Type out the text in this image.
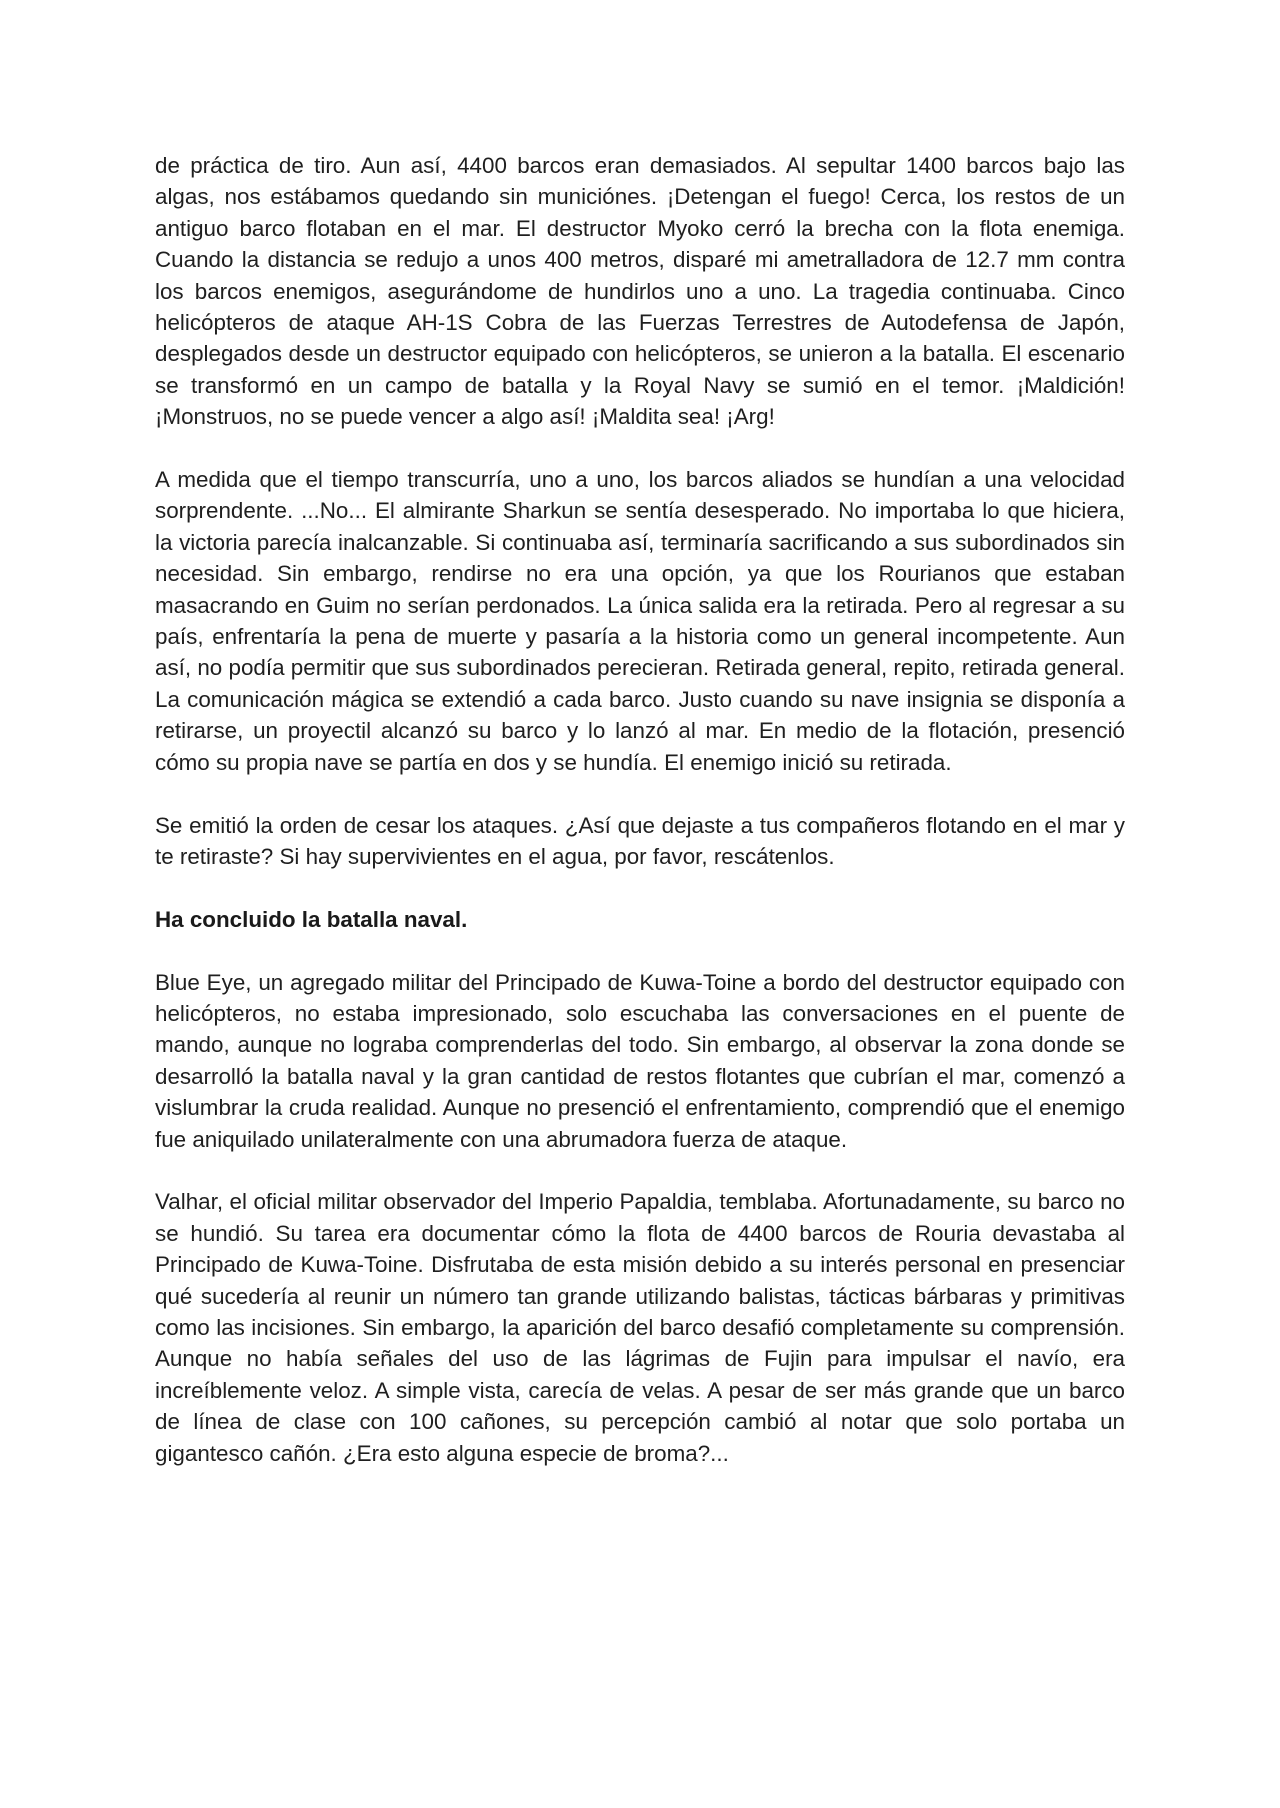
de práctica de tiro. Aun así, 4400 barcos eran demasiados. Al sepultar 1400 barcos bajo las algas, nos estábamos quedando sin municiónes. ¡Detengan el fuego! Cerca, los restos de un antiguo barco flotaban en el mar. El destructor Myoko cerró la brecha con la flota enemiga. Cuando la distancia se redujo a unos 400 metros, disparé mi ametralladora de 12.7 mm contra los barcos enemigos, asegurándome de hundirlos uno a uno. La tragedia continuaba. Cinco helicópteros de ataque AH-1S Cobra de las Fuerzas Terrestres de Autodefensa de Japón, desplegados desde un destructor equipado con helicópteros, se unieron a la batalla. El escenario se transformó en un campo de batalla y la Royal Navy se sumió en el temor. ¡Maldición! ¡Monstruos, no se puede vencer a algo así! ¡Maldita sea! ¡Arg!

A medida que el tiempo transcurría, uno a uno, los barcos aliados se hundían a una velocidad sorprendente. ...No... El almirante Sharkun se sentía desesperado. No importaba lo que hiciera, la victoria parecía inalcanzable. Si continuaba así, terminaría sacrificando a sus subordinados sin necesidad. Sin embargo, rendirse no era una opción, ya que los Rourianos que estaban masacrando en Guim no serían perdonados. La única salida era la retirada. Pero al regresar a su país, enfrentaría la pena de muerte y pasaría a la historia como un general incompetente. Aun así, no podía permitir que sus subordinados perecieran. Retirada general, repito, retirada general. La comunicación mágica se extendió a cada barco. Justo cuando su nave insignia se disponía a retirarse, un proyectil alcanzó su barco y lo lanzó al mar. En medio de la flotación, presenció cómo su propia nave se partía en dos y se hundía. El enemigo inició su retirada.

Se emitió la orden de cesar los ataques. ¿Así que dejaste a tus compañeros flotando en el mar y te retiraste? Si hay supervivientes en el agua, por favor, rescátenlos.

Ha concluido la batalla naval.

Blue Eye, un agregado militar del Principado de Kuwa-Toine a bordo del destructor equipado con helicópteros, no estaba impresionado, solo escuchaba las conversaciones en el puente de mando, aunque no lograba comprenderlas del todo. Sin embargo, al observar la zona donde se desarrolló la batalla naval y la gran cantidad de restos flotantes que cubrían el mar, comenzó a vislumbrar la cruda realidad. Aunque no presenció el enfrentamiento, comprendió que el enemigo fue aniquilado unilateralmente con una abrumadora fuerza de ataque.

Valhar, el oficial militar observador del Imperio Papaldia, temblaba. Afortunadamente, su barco no se hundió. Su tarea era documentar cómo la flota de 4400 barcos de Rouria devastaba al Principado de Kuwa-Toine. Disfrutaba de esta misión debido a su interés personal en presenciar qué sucedería al reunir un número tan grande utilizando balistas, tácticas bárbaras y primitivas como las incisiones. Sin embargo, la aparición del barco desafió completamente su comprensión. Aunque no había señales del uso de las lágrimas de Fujin para impulsar el navío, era increíblemente veloz. A simple vista, carecía de velas. A pesar de ser más grande que un barco de línea de clase con 100 cañones, su percepción cambió al notar que solo portaba un gigantesco cañón. ¿Era esto alguna especie de broma?...
